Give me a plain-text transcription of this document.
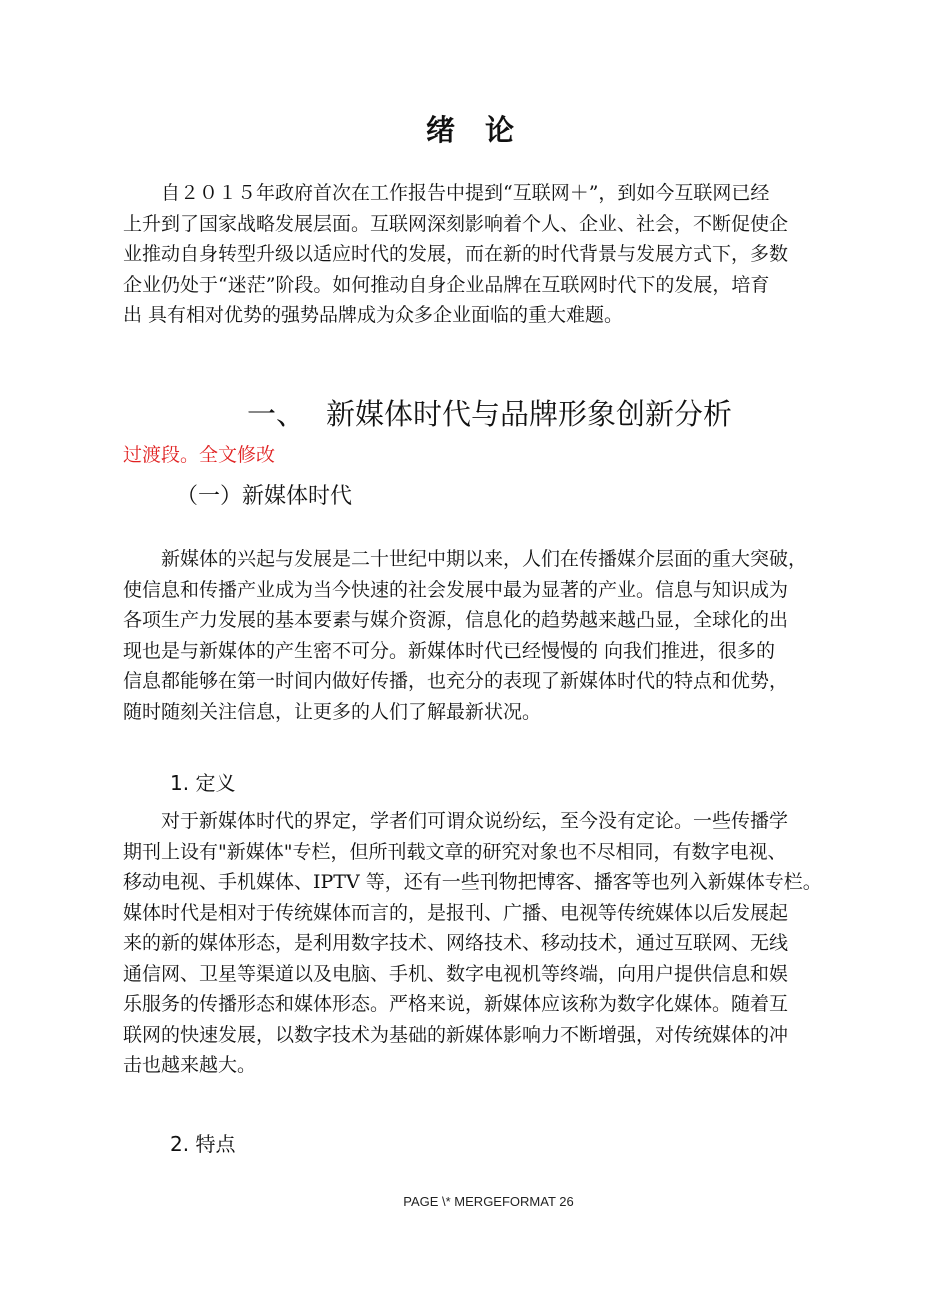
绪 论
　　自２０１５年政府首次在工作报告中提到“互联网＋”，到如今互联网已经
上升到了国家战略发展层面。互联网深刻影响着个人、企业、社会，不断促使企
业推动自身转型升级以适应时代的发展，而在新的时代背景与发展方式下，多数
企业仍处于“迷茫”阶段。如何推动自身企业品牌在互联网时代下的发展，培育
出 具有相对优势的强势品牌成为众多企业面临的重大难题。
一、 新媒体时代与品牌形象创新分析
过渡段。全文修改
（一）新媒体时代
　　新媒体的兴起与发展是二十世纪中期以来，人们在传播媒介层面的重大突破，
使信息和传播产业成为当今快速的社会发展中最为显著的产业。信息与知识成为
各项生产力发展的基本要素与媒介资源，信息化的趋势越来越凸显，全球化的出
现也是与新媒体的产生密不可分。新媒体时代已经慢慢的 向我们推进，很多的
信息都能够在第一时间内做好传播，也充分的表现了新媒体时代的特点和优势，
随时随刻关注信息，让更多的人们了解最新状况。
1. 定义
　　对于新媒体时代的界定，学者们可谓众说纷纭，至今没有定论。一些传播学
期刊上设有"新媒体"专栏，但所刊载文章的研究对象也不尽相同，有数字电视、
移动电视、手机媒体、IPTV 等，还有一些刊物把博客、播客等也列入新媒体专栏。
媒体时代是相对于传统媒体而言的，是报刊、广播、电视等传统媒体以后发展起
来的新的媒体形态，是利用数字技术、网络技术、移动技术，通过互联网、无线
通信网、卫星等渠道以及电脑、手机、数字电视机等终端，向用户提供信息和娱
乐服务的传播形态和媒体形态。严格来说，新媒体应该称为数字化媒体。随着互
联网的快速发展，以数字技术为基础的新媒体影响力不断增强，对传统媒体的冲
击也越来越大。
2. 特点
PAGE \* MERGEFORMAT 26
